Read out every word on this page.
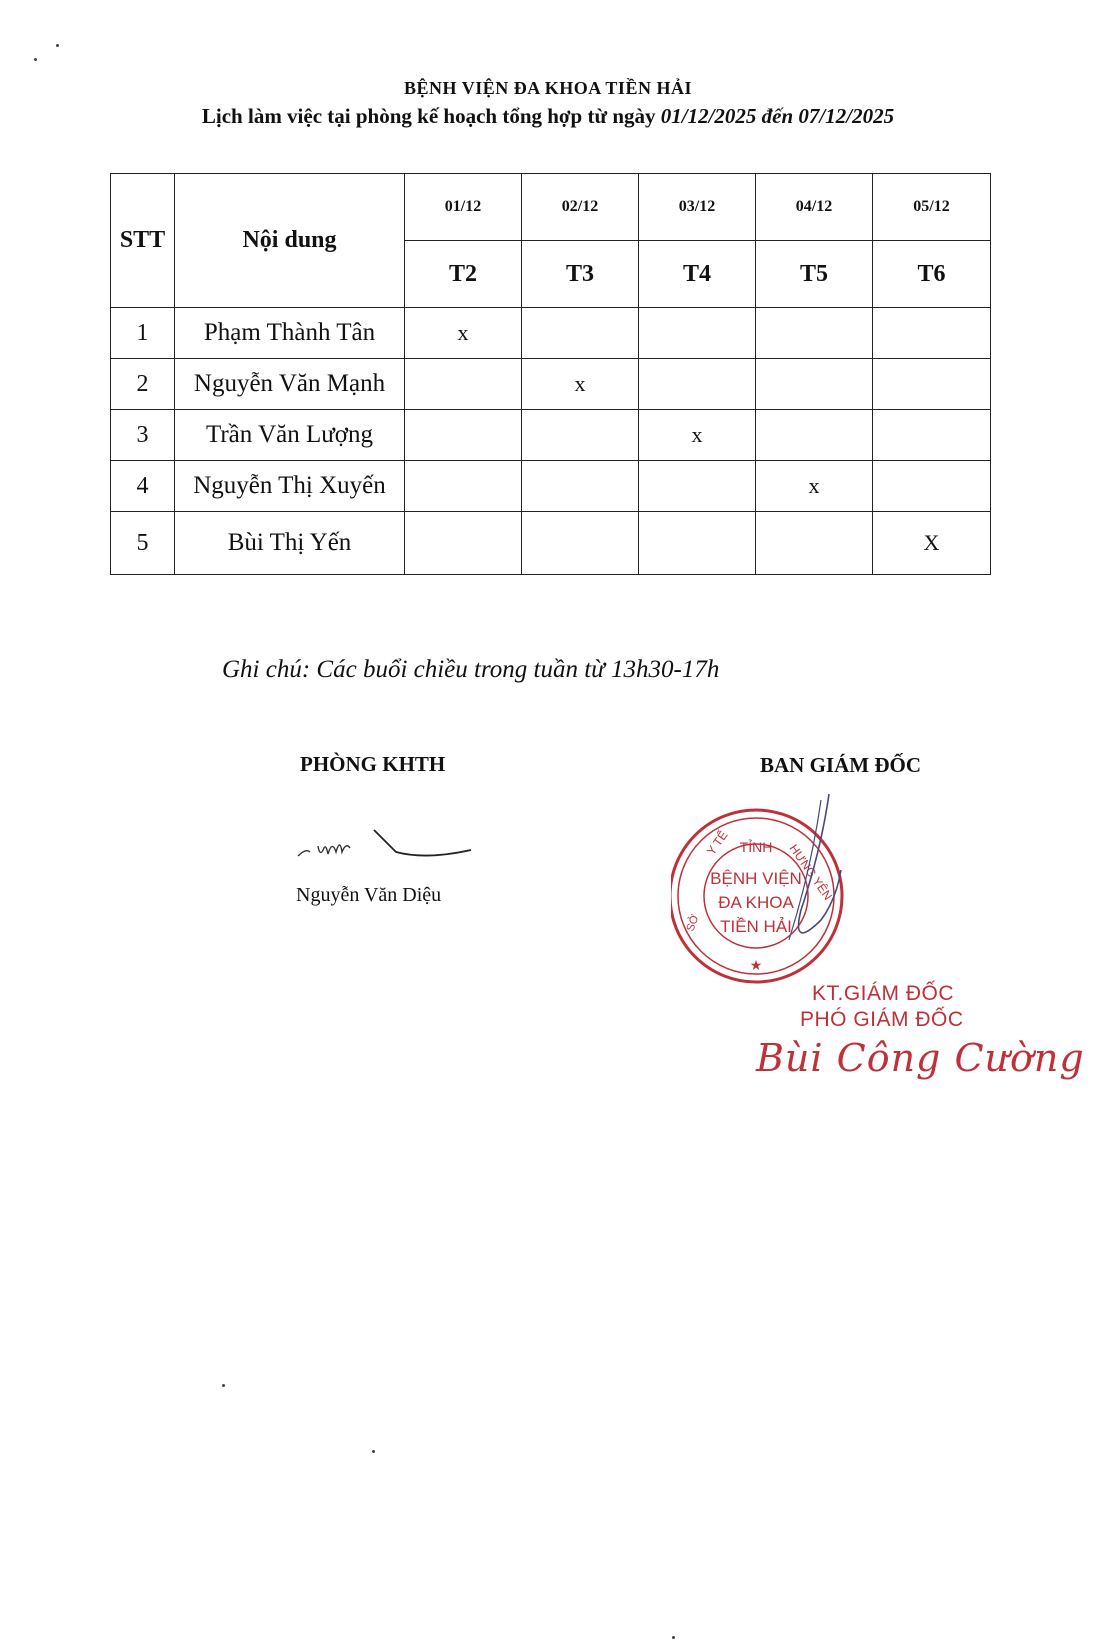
BỆNH VIỆN ĐA KHOA TIỀN HẢI
Lịch làm việc tại phòng kế hoạch tổng hợp từ ngày 01/12/2025 đến 07/12/2025
STT	Nội dung	01/12	02/12	03/12	04/12	05/12
		T2	T3	T4	T5	T6
1	Phạm Thành Tân	x				
2	Nguyễn Văn Mạnh		x			
3	Trần Văn Lượng			x		
4	Nguyễn Thị Xuyến				x	
5	Bùi Thị Yến					X
Ghi chú: Các buổi chiều trong tuần từ 13h30-17h
PHÒNG KHTH
Nguyễn Văn Diệu
BAN GIÁM ĐỐC
TỈNH
Y TẾ	HƯNG YÊN
SỞ
BỆNH VIỆN
ĐA KHOA
TIỀN HẢI
★
KT.GIÁM ĐỐC
PHÓ GIÁM ĐỐC
Bùi Công Cường
